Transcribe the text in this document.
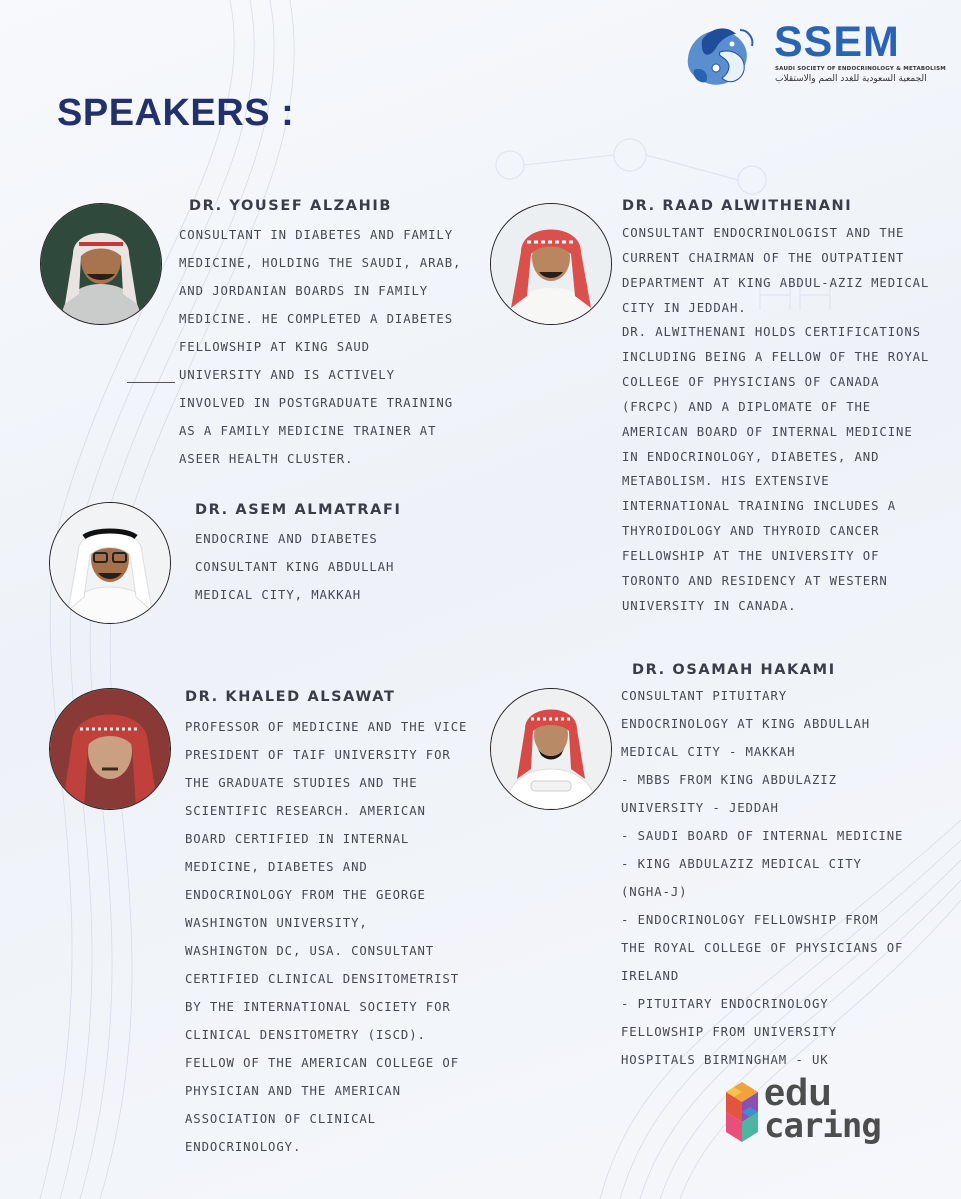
SPEAKERS :
SSEM
SAUDI SOCIETY OF ENDOCRINOLOGY & METABOLISM
الجمعية السعودية للغدد الصم والاستقلاب
DR. YOUSEF ALZAHIB
CONSULTANT IN DIABETES AND FAMILY
MEDICINE, HOLDING THE SAUDI, ARAB,
AND JORDANIAN BOARDS IN FAMILY
MEDICINE. HE COMPLETED A DIABETES
FELLOWSHIP AT KING SAUD
UNIVERSITY AND IS ACTIVELY
INVOLVED IN POSTGRADUATE TRAINING
AS A FAMILY MEDICINE TRAINER AT
ASEER HEALTH CLUSTER.
DR. RAAD ALWITHENANI
CONSULTANT ENDOCRINOLOGIST AND THE
CURRENT CHAIRMAN OF THE OUTPATIENT
DEPARTMENT AT KING ABDUL-AZIZ MEDICAL
CITY IN JEDDAH.
DR. ALWITHENANI HOLDS CERTIFICATIONS
INCLUDING BEING A FELLOW OF THE ROYAL
COLLEGE OF PHYSICIANS OF CANADA
(FRCPC) AND A DIPLOMATE OF THE
AMERICAN BOARD OF INTERNAL MEDICINE
IN ENDOCRINOLOGY, DIABETES, AND
METABOLISM. HIS EXTENSIVE
INTERNATIONAL TRAINING INCLUDES A
THYROIDOLOGY AND THYROID CANCER
FELLOWSHIP AT THE UNIVERSITY OF
TORONTO AND RESIDENCY AT WESTERN
UNIVERSITY IN CANADA.
DR. ASEM ALMATRAFI
ENDOCRINE AND DIABETES
CONSULTANT KING ABDULLAH
MEDICAL CITY, MAKKAH
DR. KHALED ALSAWAT
PROFESSOR OF MEDICINE AND THE VICE
PRESIDENT OF TAIF UNIVERSITY FOR
THE GRADUATE STUDIES AND THE
SCIENTIFIC RESEARCH. AMERICAN
BOARD CERTIFIED IN INTERNAL
MEDICINE, DIABETES AND
ENDOCRINOLOGY FROM THE GEORGE
WASHINGTON UNIVERSITY,
WASHINGTON DC, USA. CONSULTANT
CERTIFIED CLINICAL DENSITOMETRIST
BY THE INTERNATIONAL SOCIETY FOR
CLINICAL DENSITOMETRY (ISCD).
FELLOW OF THE AMERICAN COLLEGE OF
PHYSICIAN AND THE AMERICAN
ASSOCIATION OF CLINICAL
ENDOCRINOLOGY.
DR. OSAMAH HAKAMI
CONSULTANT PITUITARY
ENDOCRINOLOGY AT KING ABDULLAH
MEDICAL CITY - MAKKAH
- MBBS FROM KING ABDULAZIZ
UNIVERSITY - JEDDAH
- SAUDI BOARD OF INTERNAL MEDICINE
- KING ABDULAZIZ MEDICAL CITY
(NGHA-J)
- ENDOCRINOLOGY FELLOWSHIP FROM
THE ROYAL COLLEGE OF PHYSICIANS OF
IRELAND
- PITUITARY ENDOCRINOLOGY
FELLOWSHIP FROM UNIVERSITY
HOSPITALS BIRMINGHAM - UK
edu
caring
